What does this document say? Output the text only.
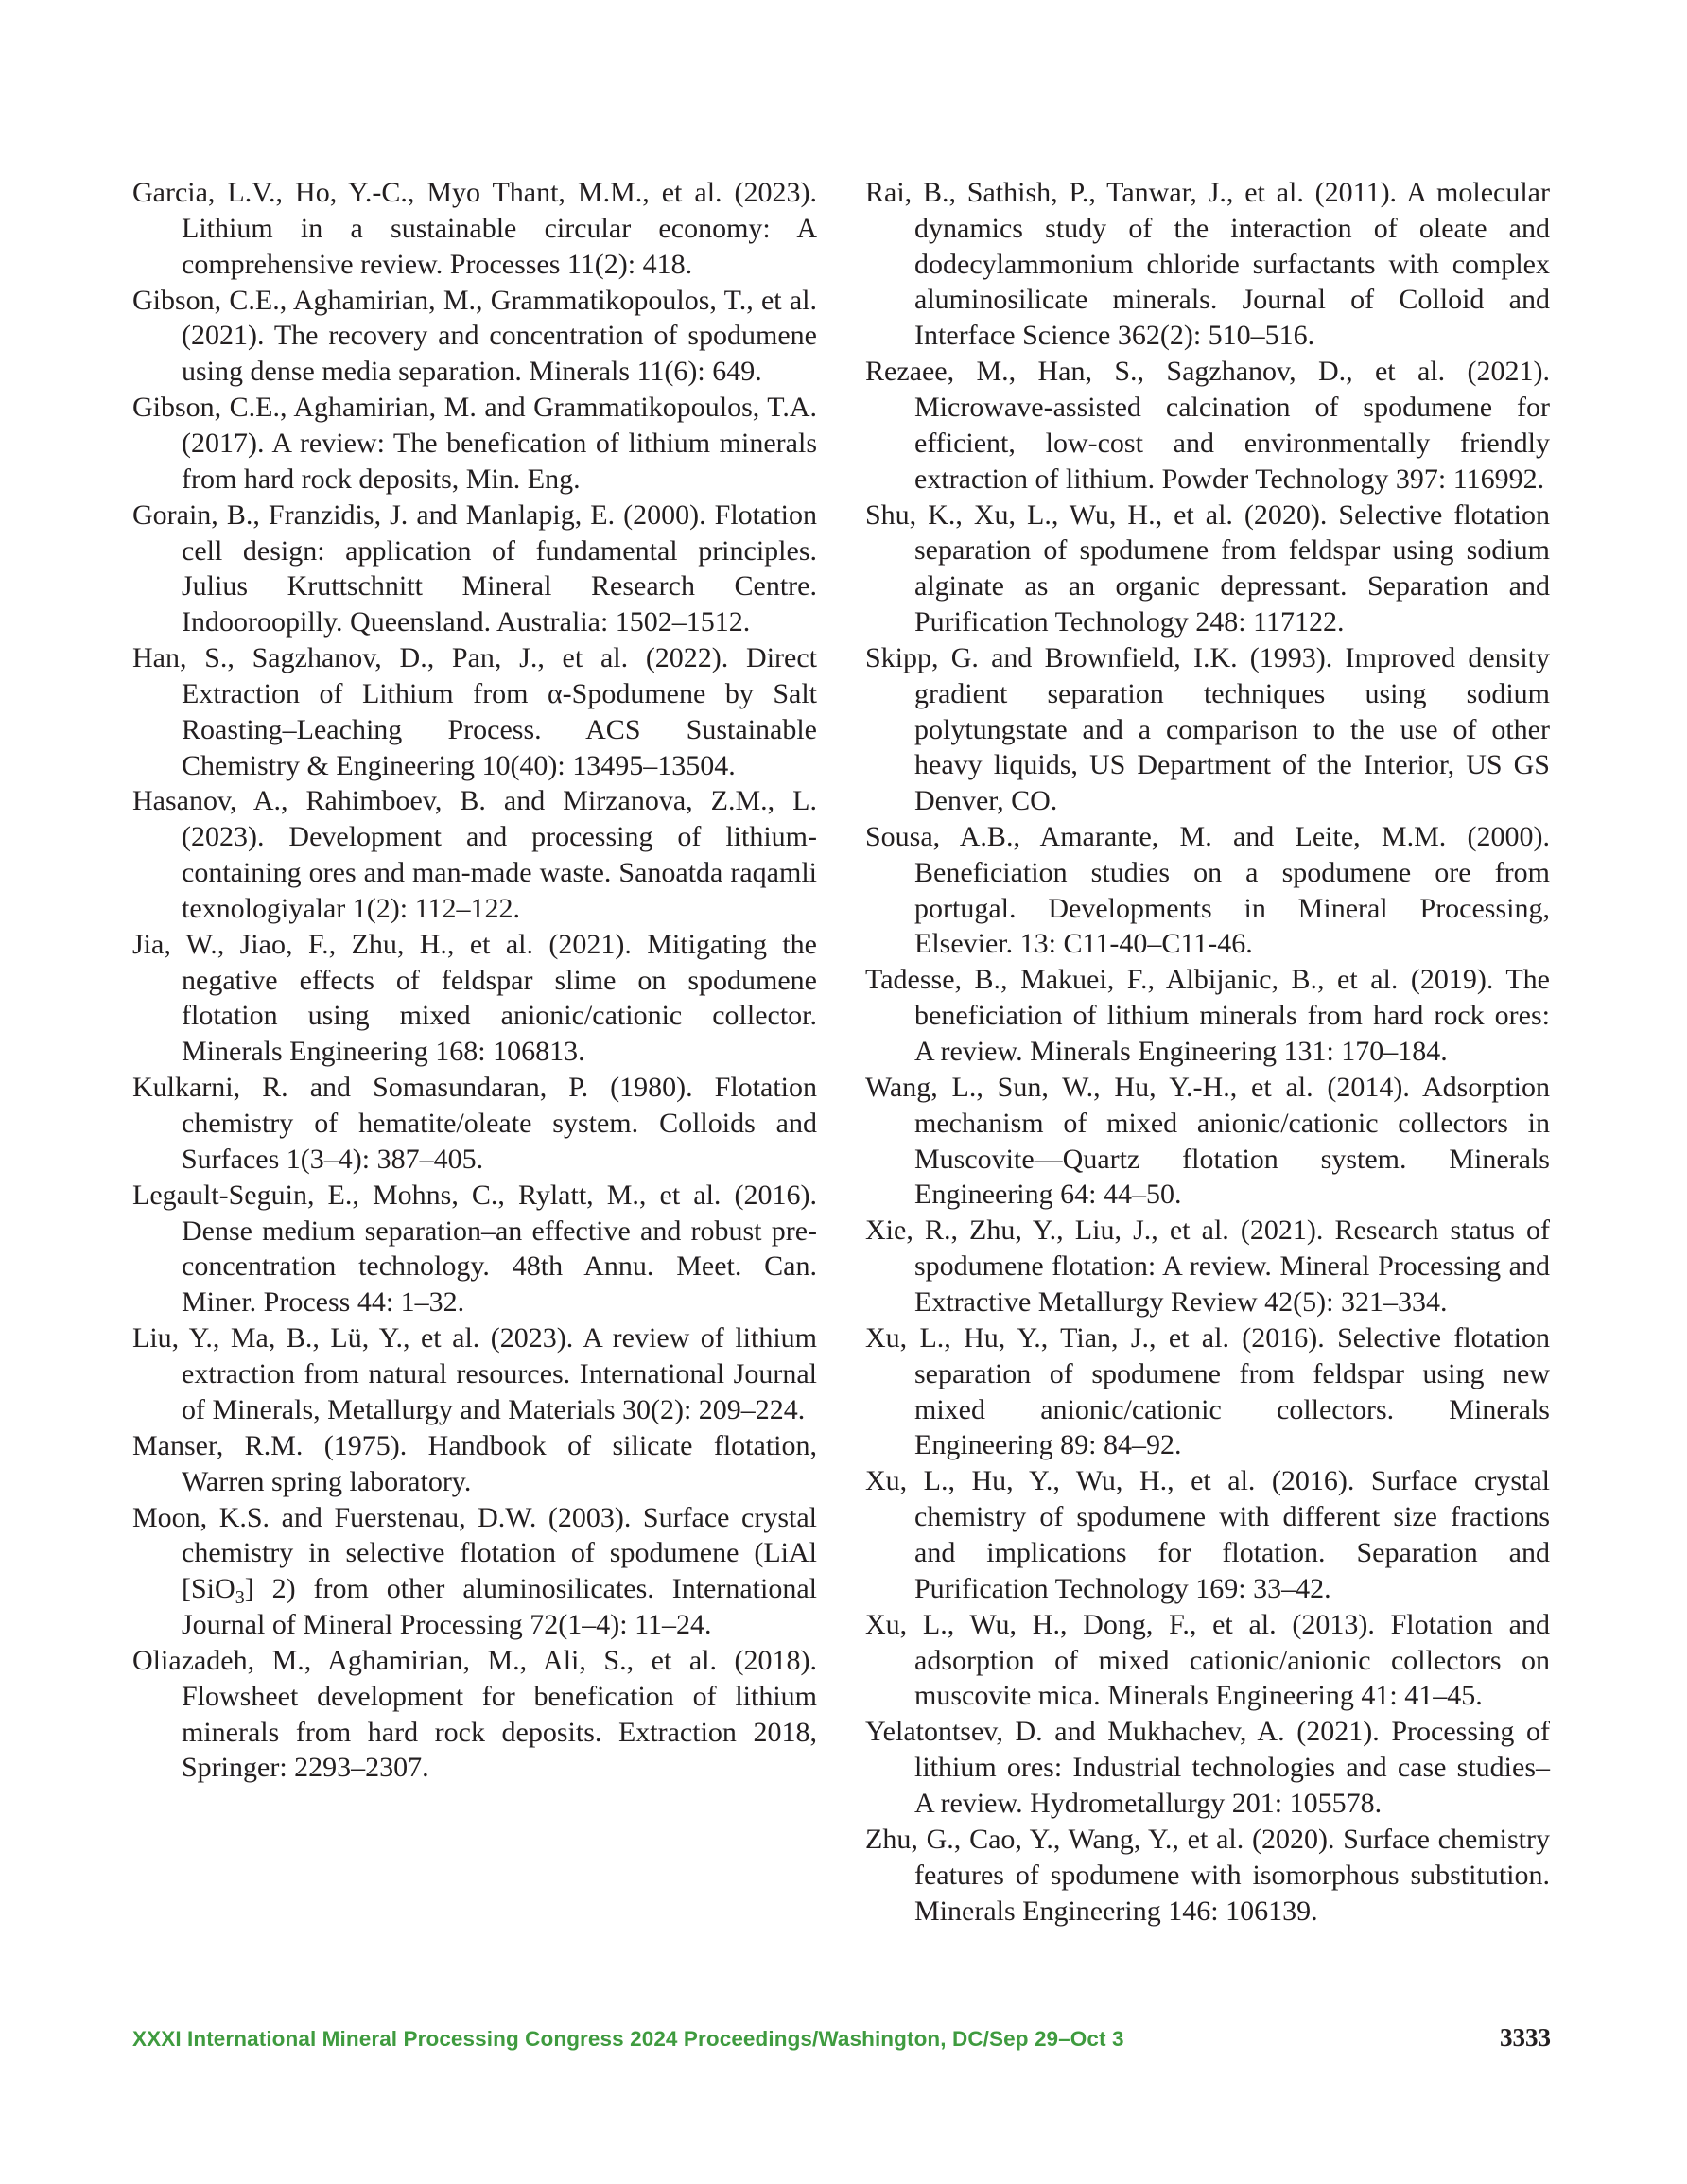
Garcia, L.V., Ho, Y.-C., Myo Thant, M.M., et al. (2023). Lithium in a sustainable circular economy: A comprehensive review. Processes 11(2): 418.

Gibson, C.E., Aghamirian, M., Grammatikopoulos, T., et al. (2021). The recovery and concentration of spodumene using dense media separation. Minerals 11(6): 649.

Gibson, C.E., Aghamirian, M. and Grammatikopoulos, T.A. (2017). A review: The benefication of lithium minerals from hard rock deposits, Min. Eng.

Gorain, B., Franzidis, J. and Manlapig, E. (2000). Flotation cell design: application of fundamental principles. Julius Kruttschnitt Mineral Research Centre. Indooroopilly. Queensland. Australia: 1502–1512.

Han, S., Sagzhanov, D., Pan, J., et al. (2022). Direct Extraction of Lithium from α-Spodumene by Salt Roasting–Leaching Process. ACS Sustainable Chemistry & Engineering 10(40): 13495–13504.

Hasanov, A., Rahimboev, B. and Mirzanova, Z.M., L. (2023). Development and processing of lithium-containing ores and man-made waste. Sanoatda raqamli texnologiyalar 1(2): 112–122.

Jia, W., Jiao, F., Zhu, H., et al. (2021). Mitigating the negative effects of feldspar slime on spodumene flotation using mixed anionic/cationic collector. Minerals Engineering 168: 106813.

Kulkarni, R. and Somasundaran, P. (1980). Flotation chemistry of hematite/oleate system. Colloids and Surfaces 1(3–4): 387–405.

Legault-Seguin, E., Mohns, C., Rylatt, M., et al. (2016). Dense medium separation–an effective and robust pre-concentration technology. 48th Annu. Meet. Can. Miner. Process 44: 1–32.

Liu, Y., Ma, B., Lü, Y., et al. (2023). A review of lithium extraction from natural resources. International Journal of Minerals, Metallurgy and Materials 30(2): 209–224.

Manser, R.M. (1975). Handbook of silicate flotation, Warren spring laboratory.

Moon, K.S. and Fuerstenau, D.W. (2003). Surface crystal chemistry in selective flotation of spodumene (LiAl [SiO$_3$] 2) from other aluminosilicates. International Journal of Mineral Processing 72(1–4): 11–24.

Oliazadeh, M., Aghamirian, M., Ali, S., et al. (2018). Flowsheet development for benefication of lithium minerals from hard rock deposits. Extraction 2018, Springer: 2293–2307.

Rai, B., Sathish, P., Tanwar, J., et al. (2011). A molecular dynamics study of the interaction of oleate and dodecylammonium chloride surfactants with complex aluminosilicate minerals. Journal of Colloid and Interface Science 362(2): 510–516.

Rezaee, M., Han, S., Sagzhanov, D., et al. (2021). Microwave-assisted calcination of spodumene for efficient, low-cost and environmentally friendly extraction of lithium. Powder Technology 397: 116992.

Shu, K., Xu, L., Wu, H., et al. (2020). Selective flotation separation of spodumene from feldspar using sodium alginate as an organic depressant. Separation and Purification Technology 248: 117122.

Skipp, G. and Brownfield, I.K. (1993). Improved density gradient separation techniques using sodium polytungstate and a comparison to the use of other heavy liquids, US Department of the Interior, US GS Denver, CO.

Sousa, A.B., Amarante, M. and Leite, M.M. (2000). Beneficiation studies on a spodumene ore from portugal. Developments in Mineral Processing, Elsevier. 13: C11-40–C11-46.

Tadesse, B., Makuei, F., Albijanic, B., et al. (2019). The beneficiation of lithium minerals from hard rock ores: A review. Minerals Engineering 131: 170–184.

Wang, L., Sun, W., Hu, Y.-H., et al. (2014). Adsorption mechanism of mixed anionic/cationic collectors in Muscovite—Quartz flotation system. Minerals Engineering 64: 44–50.

Xie, R., Zhu, Y., Liu, J., et al. (2021). Research status of spodumene flotation: A review. Mineral Processing and Extractive Metallurgy Review 42(5): 321–334.

Xu, L., Hu, Y., Tian, J., et al. (2016). Selective flotation separation of spodumene from feldspar using new mixed anionic/cationic collectors. Minerals Engineering 89: 84–92.

Xu, L., Hu, Y., Wu, H., et al. (2016). Surface crystal chemistry of spodumene with different size fractions and implications for flotation. Separation and Purification Technology 169: 33–42.

Xu, L., Wu, H., Dong, F., et al. (2013). Flotation and adsorption of mixed cationic/anionic collectors on muscovite mica. Minerals Engineering 41: 41–45.

Yelatontsev, D. and Mukhachev, A. (2021). Processing of lithium ores: Industrial technologies and case studies– A review. Hydrometallurgy 201: 105578.

Zhu, G., Cao, Y., Wang, Y., et al. (2020). Surface chemistry features of spodumene with isomorphous substitution. Minerals Engineering 146: 106139.

XXXI International Mineral Processing Congress 2024 Proceedings/Washington, DC/Sep 29–Oct 3	3333
